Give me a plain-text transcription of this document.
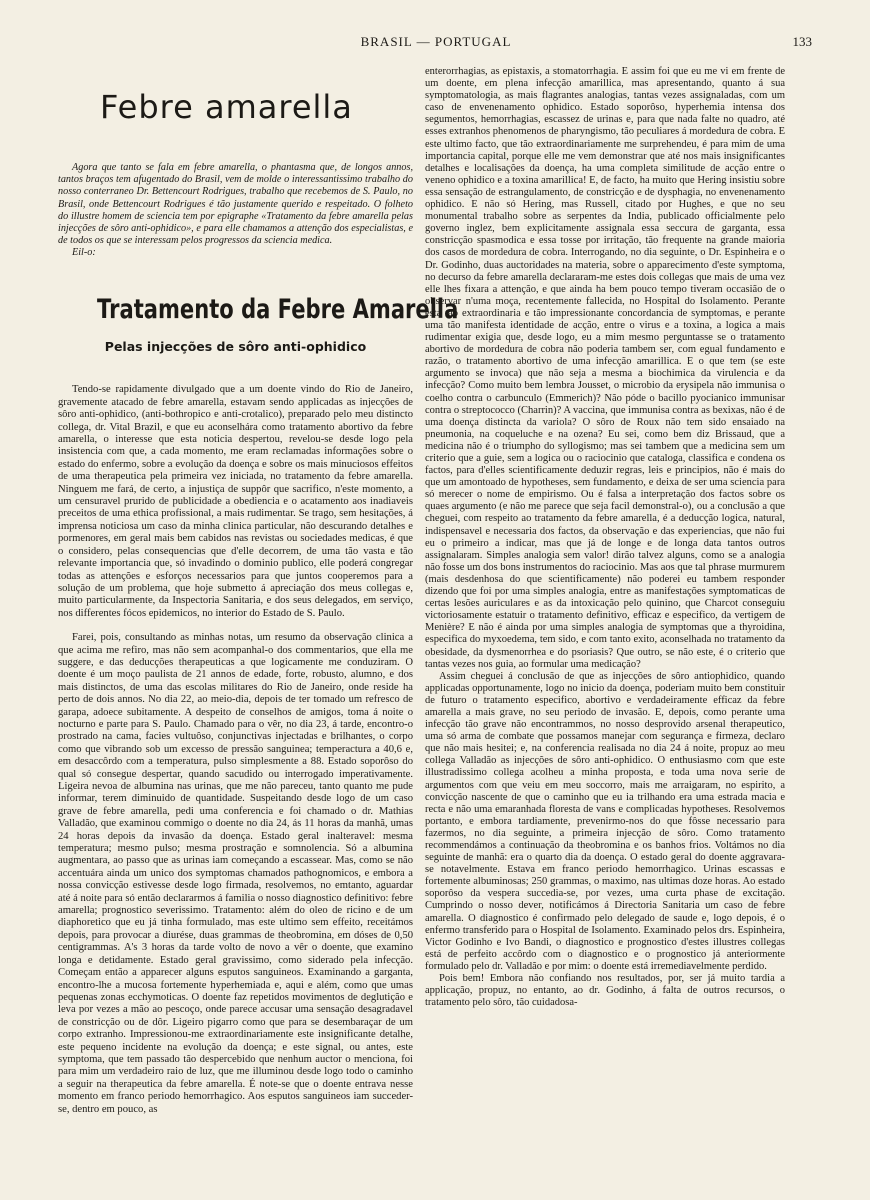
BRASIL — PORTUGAL	133
Febre amarella

Agora que tanto se fala em febre amarella, o phantasma que, de longos annos, tantos braços tem afugentado do Brasil, vem de molde o interessantissimo trabalho do nosso conterraneo Dr. Bettencourt Rodrigues, trabalho que recebemos de S. Paulo, no Brasil, onde Bettencourt Rodrigues é tão justamente querido e respeitado. O folheto do illustre homem de sciencia tem por epigraphe «Tratamento da febre amarella pelas injecções de sôro anti-ophidico», e para elle chamamos a attenção dos especialistas, e de todos os que se interessam pelos progressos da sciencia medica.

Eil-o:
Tratamento da Febre Amarella
Pelas injecções de sôro anti-ophidico

Tendo-se rapidamente divulgado que a um doente vindo do Rio de Janeiro, gravemente atacado de febre amarella, estavam sendo applicadas as injecções de sôro anti-ophidico, (anti-bothropico e anti-crotalico), preparado pelo meu distincto collega, dr. Vital Brazil, e que eu aconselhára como tratamento abortivo da febre amarella, o interesse que esta noticia despertou, revelou-se desde logo pela insistencia com que, a cada momento, me eram reclamadas informações sobre o estado do enfermo, sobre a evolução da doença e sobre os mais minuciosos effeitos de uma therapeutica pela primeira vez iniciada, no tratamento da febre amarella. Ninguem me fará, de certo, a injustiça de suppôr que sacrifico, n'este momento, a um censuravel prurido de publicidade a obediencia e o acatamento aos inadiaveis preceitos de uma ethica profissional, a mais rudimentar. Se trago, sem hesitações, á imprensa noticiosa um caso da minha clinica particular, não descurando detalhes e pormenores, em geral mais bem cabidos nas revistas ou sociedades medicas, é que o considero, pelas consequencias que d'elle decorrem, de uma tão vasta e tão relevante importancia que, só invadindo o dominio publico, elle poderá congregar todas as attenções e esforços necessarios para que juntos cooperemos para a solução de um problema, que hoje submetto á apreciação dos meus collegas e, muito particularmente, da Inspectoria Sanitaria, e dos seus delegados, em serviço, nos differentes fócos epidemicos, no interior do Estado de S. Paulo.

Farei, pois, consultando as minhas notas, um resumo da observação clinica a que acima me refiro, mas não sem acompanhal-o dos commentarios, que ella me suggere, e das deducções therapeuticas a que logicamente me conduziram. O doente é um moço paulista de 21 annos de edade, forte, robusto, alumno, e dos mais distinctos, de uma das escolas militares do Rio de Janeiro, onde reside ha perto de dois annos. No dia 22, ao meio-dia, depois de ter tomado um refresco de garapa, adoece subitamente. A despeito de conselhos de amigos, toma á noite o nocturno e parte para S. Paulo. Chamado para o vêr, no dia 23, á tarde, encontro-o prostrado na cama, facies vultuôso, conjunctivas injectadas e brilhantes, o corpo como que vibrando sob um excesso de pressão sanguinea; temperactura a 40,6 e, em desaccôrdo com a temperatura, pulso simplesmente a 88. Estado soporôso do qual só consegue despertar, quando sacudido ou interrogado imperativamente. Ligeira nevoa de albumina nas urinas, que me não pareceu, tanto quanto me pude informar, terem diminuido de quantidade. Suspeitando desde logo de um caso grave de febre amarella, pedi uma conferencia e foi chamado o dr. Mathias Valladão, que examinou commigo o doente no dia 24, ás 11 horas da manhã, umas 24 horas depois da invasão da doença. Estado geral inalteravel: mesma temperatura; mesmo pulso; mesma prostração e somnolencia. Só a albumina augmentara, ao passo que as urinas iam começando a escassear. Mas, como se não accentuára ainda um unico dos symptomas chamados pathognomicos, e embora a nossa convicção estivesse desde logo firmada, resolvemos, no emtanto, aguardar até á noite para só então declararmos á familia o nosso diagnostico definitivo: febre amarella; prognostico severissimo. Tratamento: além do oleo de ricino e de um diaphoretico que eu já tinha formulado, mas este ultimo sem effeito, receitámos depois, para provocar a diurése, duas grammas de theobromina, em dóses de 0,50 centigrammas. A's 3 horas da tarde volto de novo a vêr o doente, que examino longa e detidamente. Estado geral gravissimo, como siderado pela infecção. Começam então a apparecer alguns esputos sanguineos. Examinando a garganta, encontro-lhe a mucosa fortemente hyperhemiada e, aqui e além, como que umas pequenas zonas ecchymoticas. O doente faz repetidos movimentos de deglutição e leva por vezes a mão ao pescoço, onde parece accusar uma sensação desagradavel de constricção ou de dôr. Ligeiro pigarro como que para se desembaraçar de um corpo extranho. Impressionou-me extraordinariamente este insignificante detalhe, este pequeno incidente na evolução da doença; e este signal, ou antes, este symptoma, que tem passado tão despercebido que nenhum auctor o menciona, foi para mim um verdadeiro raio de luz, que me illuminou desde logo todo o caminho a seguir na therapeutica da febre amarella. É note-se que o doente entrava nesse momento em franco periodo hemorrhagico. Aos esputos sanguineos iam succeder-se, dentro em pouco, as

enterorrhagias, as epistaxis, a stomatorrhagia. E assim foi que eu me vi em frente de um doente, em plena infecção amarillica, mas apresentando, quanto á sua symptomatologia, as mais flagrantes analogias, tantas vezes assignaladas, com um caso de envenenamento ophidico. Estado soporôso, hyperhemia intensa dos segumentos, hemorrhagias, escassez de urinas e, para que nada falte no quadro, até esses extranhos phenomenos de pharyngismo, tão peculiares á mordedura de cobra. E este ultimo facto, que tão extraordinariamente me surprehendeu, é para mim de uma importancia capital, porque elle me vem demonstrar que até nos mais insignificantes detalhes e localisações da doença, ha uma completa similitude de acção entre o veneno ophidico e a toxina amarillica! E, de facto, ha muito que Hering insistiu sobre essa sensação de estrangulamento, de constricção e de dysphagia, no envenenamento ophidico. E não só Hering, mas Russell, citado por Hughes, e que no seu monumental trabalho sobre as serpentes da India, publicado officialmente pelo governo inglez, bem explicitamente assignala essa seccura de garganta, essa constricção spasmodica e essa tosse por irritação, tão frequente na grande maioria dos casos de mordedura de cobra. Interrogando, no dia seguinte, o Dr. Espinheira e o Dr. Godinho, duas auctoridades na materia, sobre o apparecimento d'este symptoma, no decurso da febre amarella declararam-me estes dois collegas que mais de uma vez elle lhes fixara a attenção, e que ainda ha bem pouco tempo tiveram occasião de o observar n'uma moça, recentemente fallecida, no Hospital do Isolamento. Perante esta tão extraordinaria e tão impressionante concordancia de symptomas, e perante uma tão manifesta identidade de acção, entre o virus e a toxina, a logica a mais rudimentar exigia que, desde logo, eu a mim mesmo perguntasse se o tratamento abortivo de mordedura de cobra não poderia tambem ser, com egual fundamento e razão, o tratamento abortivo de uma infecção amarillica. E o que tem (se este argumento se invoca) que não seja a mesma a biochimica da virulencia e da infecção? Como muito bem lembra Jousset, o microbio da erysipela não immunisa o coelho contra o carbunculo (Emmerich)? Não póde o bacillo pyocianico immunisar contra o streptococco (Charrin)? A vaccina, que immunisa contra as bexixas, não é de uma doença distincta da variola? O sôro de Roux não tem sido ensaiado na pneumonia, na coqueluche e na ozena? Eu sei, como bem diz Brissaud, que a medicina não é o triumpho do syllogismo; mas sei tambem que a medicina sem um criterio que a guie, sem a logica ou o raciocinio que cataloga, classifica e condena os factos, para d'elles scientificamente deduzir regras, leis e principios, não é mais do que um amontoado de hypotheses, sem fundamento, e deixa de ser uma sciencia para só merecer o nome de empirismo. Ou é falsa a interpretação dos factos sobre os quaes argumento (e não me parece que seja facil demonstral-o), ou a conclusão a que cheguei, com respeito ao tratamento da febre amarella, é a deducção logica, natural, indispensavel e necessaria dos factos, da observação e das experiencias, que não fui eu o primeiro a indicar, mas que já de longe e de longa data tantos outros assignalaram. Simples analogia sem valor! dirão talvez alguns, como se a analogia não fosse um dos bons instrumentos do raciocinio. Mas aos que tal phrase murmurem (mais desdenhosa do que scientificamente) não poderei eu tambem responder dizendo que foi por uma simples analogia, entre as manifestações symptomaticas de certas lesões auriculares e as da intoxicação pelo quinino, que Charcot conseguiu victoriosamente estatuir o tratamento definitivo, efficaz e especifico, da vertigem de Menière? E não é ainda por uma simples analogia de symptomas que a thyroidina, especifica do myxoedema, tem sido, e com tanto exito, aconselhada no tratamento da obesidade, da dysmenorrhea e do psoriasis? Que outro, se não este, é o criterio que tantas vezes nos guia, ao formular uma medicação?

Assim cheguei á conclusão de que as injecções de sôro antiophidico, quando applicadas opportunamente, logo no inicio da doença, poderiam muito bem constituir de futuro o tratamento especifico, abortivo e verdadeiramente efficaz da febre amarella a mais grave, no seu periodo de invasão. E, depois, como perante uma infecção tão grave não encontrammos, no nosso desprovido arsenal therapeutico, uma só arma de combate que possamos manejar com segurança e firmeza, declaro que não mais hesitei; e, na conferencia realisada no dia 24 á noite, propuz ao meu collega Valladão as injecções de sôro anti-ophidico. O enthusiasmo com que este illustradissimo collega acolheu a minha proposta, e toda uma nova serie de argumentos com que veiu em meu soccorro, mais me arraigaram, no espirito, a convicção nascente de que o caminho que eu ia trilhando era uma estrada macia e recta e não uma emaranhada floresta de vans e complicadas hypotheses. Resolvemos portanto, e embora tardiamente, prevenirmo-nos do que fôsse necessario para fazermos, no dia seguinte, a primeira injecção de sôro. Como tratamento recommendámos a continuação da theobromina e os banhos frios. Voltámos no dia seguinte de manhã: era o quarto dia da doença. O estado geral do doente aggravara-se notavelmente. Estava em franco periodo hemorrhagico. Urinas escassas e fortemente albuminosas; 250 grammas, o maximo, nas ultimas doze horas. Ao estado soporôso da vespera succedia-se, por vezes, uma curta phase de excitação. Cumprindo o nosso dever, notificámos á Directoria Sanitaria um caso de febre amarella. O diagnostico é confirmado pelo delegado de saude e, logo depois, é o enfermo transferido para o Hospital de Isolamento. Examinado pelos drs. Espinheira, Victor Godinho e Ivo Bandi, o diagnostico e prognostico d'estes illustres collegas está de perfeito accôrdo com o diagnostico e o prognostico já anteriormente formulado pelo dr. Valladão e por mim: o doente está irremediavelmente perdido.

Pois bem! Embora não confiando nos resultados, por, ser já muito tardia a applicação, propuz, no entanto, ao dr. Godinho, á falta de outros recursos, o tratamento pelo sôro, tão cuidadosa-
